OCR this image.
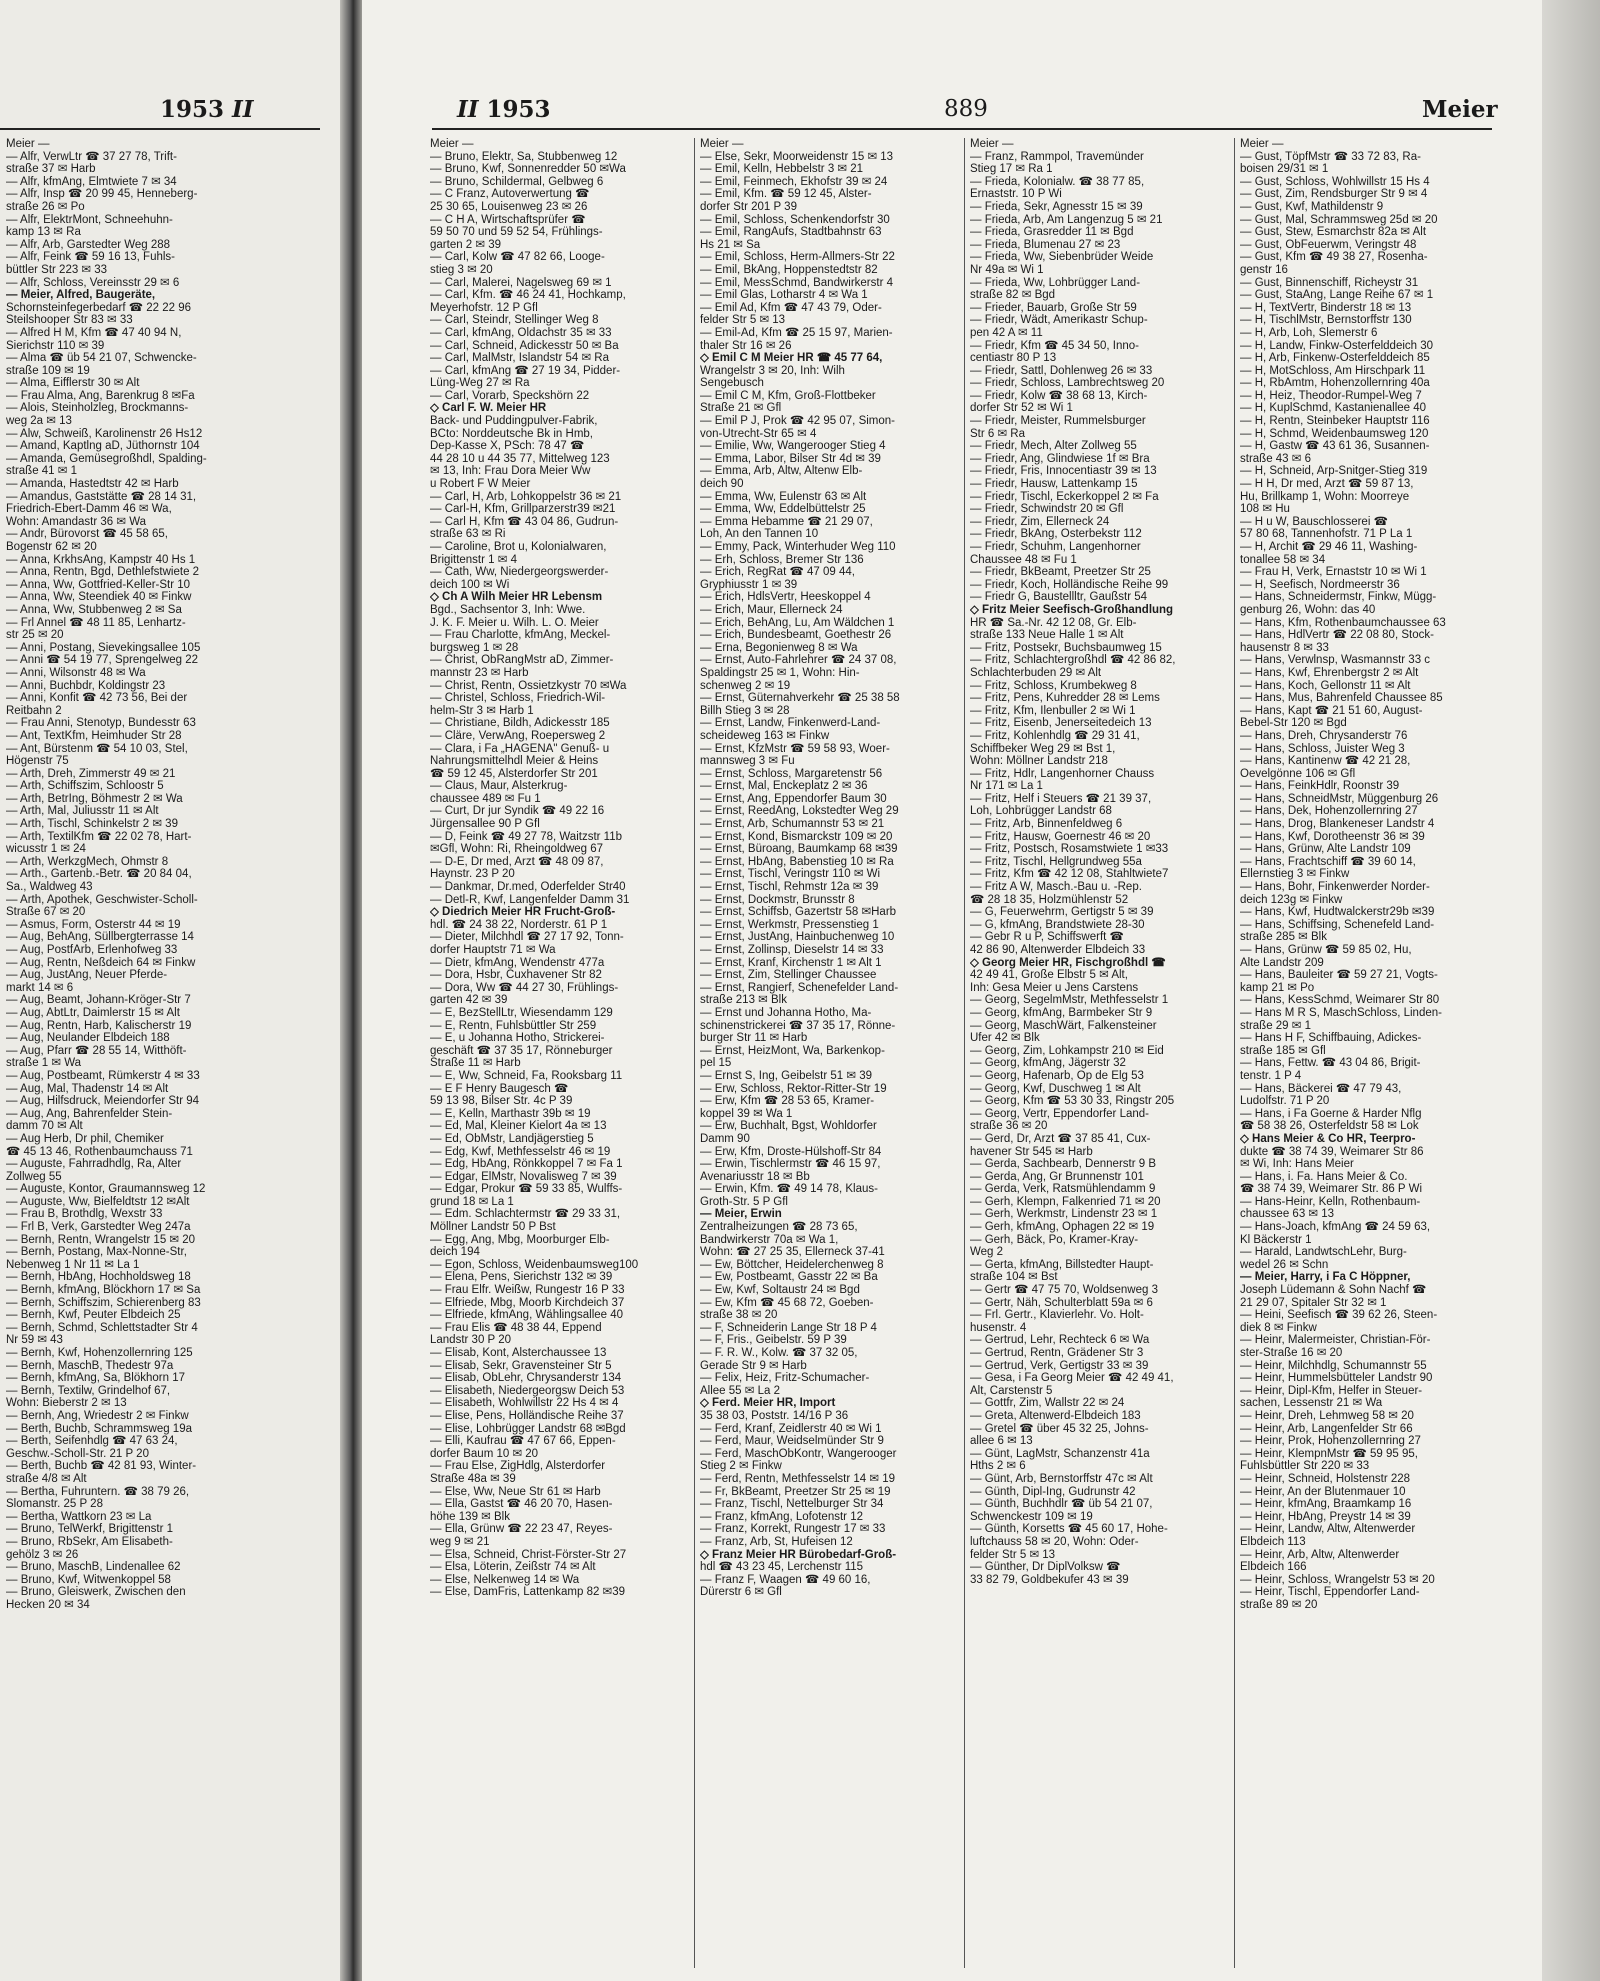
1953 II
Meier —
— Alfr, VerwLtr ☎ 37 27 78, Trift-
straße 37 ✉ Harb
— Alfr, kfmAng, Elmtwiete 7 ✉ 34
— Alfr, Insp ☎ 20 99 45, Henneberg-
straße 26 ✉ Po
— Alfr, ElektrMont, Schneehuhn-
kamp 13 ✉ Ra
— Alfr, Arb, Garstedter Weg 288
— Alfr, Feink ☎ 59 16 13, Fuhls-
büttler Str 223 ✉ 33
— Alfr, Schloss, Vereinsstr 29 ✉ 6
— Meier, Alfred, Baugeräte,
Schornsteinfegerbedarf ☎ 22 22 96
Steilshooper Str 83 ✉ 33
— Alfred H M, Kfm ☎ 47 40 94 N,
Sierichstr 110 ✉ 39
— Alma ☎ üb 54 21 07, Schwencke-
straße 109 ✉ 19
— Alma, Eifflerstr 30 ✉ Alt
— Frau Alma, Ang, Barenkrug 8 ✉Fa
— Alois, Steinholzleg, Brockmanns-
weg 2a ✉ 13
— Alw, Schweiß, Karolinenstr 26 Hs12
— Amand, Kaptlng aD, Jüthornstr 104
— Amanda, Gemüsegroßhdl, Spalding-
straße 41 ✉ 1
— Amanda, Hastedtstr 42 ✉ Harb
— Amandus, Gaststätte ☎ 28 14 31,
Friedrich-Ebert-Damm 46 ✉ Wa,
Wohn: Amandastr 36 ✉ Wa
— Andr, Bürovorst ☎ 45 58 65,
Bogenstr 62 ✉ 20
— Anna, KrkhsAng, Kampstr 40 Hs 1
— Anna, Rentn, Bgd, Dethlefstwiete 2
— Anna, Ww, Gottfried-Keller-Str 10
— Anna, Ww, Steendiek 40 ✉ Finkw
— Anna, Ww, Stubbenweg 2 ✉ Sa
— Frl Annel ☎ 48 11 85, Lenhartz-
str 25 ✉ 20
— Anni, Postang, Sievekingsallee 105
— Anni ☎ 54 19 77, Sprengelweg 22
— Anni, Wilsonstr 48 ✉ Wa
— Anni, Buchbdr, Koldingstr 23
— Anni, Konfit ☎ 42 73 56, Bei der
Reitbahn 2
— Frau Anni, Stenotyp, Bundesstr 63
— Ant, TextKfm, Heimhuder Str 28
— Ant, Bürstenm ☎ 54 10 03, Stel,
Högenstr 75
— Arth, Dreh, Zimmerstr 49 ✉ 21
— Arth, Schiffszim, Schloostr 5
— Arth, BetrIng, Böhmestr 2 ✉ Wa
— Arth, Mal, Juliusstr 11 ✉ Alt
— Arth, Tischl, Schinkelstr 2 ✉ 39
— Arth, TextilKfm ☎ 22 02 78, Hart-
wicusstr 1 ✉ 24
— Arth, WerkzgMech, Ohmstr 8
— Arth., Gartenb.-Betr. ☎ 20 84 04,
Sa., Waldweg 43
— Arth, Apothek, Geschwister-Scholl-
Straße 67 ✉ 20
— Asmus, Form, Osterstr 44 ✉ 19
— Aug, BehAng, Süllbergterrasse 14
— Aug, PostfArb, Erlenhofweg 33
— Aug, Rentn, Neßdeich 64 ✉ Finkw
— Aug, JustAng, Neuer Pferde-
markt 14 ✉ 6
— Aug, Beamt, Johann-Kröger-Str 7
— Aug, AbtLtr, Daimlerstr 15 ✉ Alt
— Aug, Rentn, Harb, Kalischerstr 19
— Aug, Neulander Elbdeich 188
— Aug, Pfarr ☎ 28 55 14, Witthöft-
straße 1 ✉ Wa
— Aug, Postbeamt, Rümkerstr 4 ✉ 33
— Aug, Mal, Thadenstr 14 ✉ Alt
— Aug, Hilfsdruck, Meiendorfer Str 94
— Aug, Ang, Bahrenfelder Stein-
damm 70 ✉ Alt
— Aug Herb, Dr phil, Chemiker
☎ 45 13 46, Rothenbaumchauss 71
— Auguste, Fahrradhdlg, Ra, Alter
Zollweg 55
— Auguste, Kontor, Graumannsweg 12
— Auguste, Ww, Bielfeldtstr 12 ✉Alt
— Frau B, Brothdlg, Wexstr 33
— Frl B, Verk, Garstedter Weg 247a
— Bernh, Rentn, Wrangelstr 15 ✉ 20
— Bernh, Postang, Max-Nonne-Str,
Nebenweg 1 Nr 11 ✉ La 1
— Bernh, HbAng, Hochholdsweg 18
— Bernh, kfmAng, Blöckhorn 17 ✉ Sa
— Bernh, Schiffszim, Schierenberg 83
— Bernh, Kwf, Peuter Elbdeich 25
— Bernh, Schmd, Schlettstadter Str 4
Nr 59 ✉ 43
— Bernh, Kwf, Hohenzollernring 125
— Bernh, MaschB, Thedestr 97a
— Bernh, kfmAng, Sa, Blökhorn 17
— Bernh, Textilw, Grindelhof 67,
Wohn: Bieberstr 2 ✉ 13
— Bernh, Ang, Wriedestr 2 ✉ Finkw
— Berth, Buchb, Schrammsweg 19a
— Berth, Seifenhdlg ☎ 47 63 24,
Geschw.-Scholl-Str. 21 P 20
— Berth, Buchb ☎ 42 81 93, Winter-
straße 4/8 ✉ Alt
— Bertha, Fuhruntern. ☎ 38 79 26,
Slomanstr. 25 P 28
— Bertha, Wattkorn 23 ✉ La
— Bruno, TelWerkf, Brigittenstr 1
— Bruno, RbSekr, Am Elisabeth-
gehölz 3 ✉ 26
— Bruno, MaschB, Lindenallee 62
— Bruno, Kwf, Witwenkoppel 58
— Bruno, Gleiswerk, Zwischen den
Hecken 20 ✉ 34
II 1953	889	Meier
Meier —
— Bruno, Elektr, Sa, Stubbenweg 12
— Bruno, Kwf, Sonnenredder 50 ✉Wa
— Bruno, Schildermal, Gelbweg 6
— C Franz, Autoverwertung ☎
25 30 65, Louisenweg 23 ✉ 26
— C H A, Wirtschaftsprüfer ☎
59 50 70 und 59 52 54, Frühlings-
garten 2 ✉ 39
— Carl, Kolw ☎ 47 82 66, Looge-
stieg 3 ✉ 20
— Carl, Malerei, Nagelsweg 69 ✉ 1
— Carl, Kfm. ☎ 46 24 41, Hochkamp,
Meyerhofstr. 12 P Gfl
— Carl, Steindr, Stellinger Weg 8
— Carl, kfmAng, Oldachstr 35 ✉ 33
— Carl, Schneid, Adickesstr 50 ✉ Ba
— Carl, MalMstr, Islandstr 54 ✉ Ra
— Carl, kfmAng ☎ 27 19 34, Pidder-
Lüng-Weg 27 ✉ Ra
— Carl, Vorarb, Speckshörn 22
◇ Carl F. W. Meier HR
Back- und Puddingpulver-Fabrik,
BCto: Norddeutsche Bk in Hmb,
Dep-Kasse X, PSch: 78 47 ☎
44 28 10 u 44 35 77, Mittelweg 123
✉ 13, Inh: Frau Dora Meier Ww
u Robert F W Meier
— Carl, H, Arb, Lohkoppelstr 36 ✉ 21
— Carl-H, Kfm, Grillparzerstr39 ✉21
— Carl H, Kfm ☎ 43 04 86, Gudrun-
straße 63 ✉ Ri
— Caroline, Brot u, Kolonialwaren,
Brigittenstr 1 ✉ 4
— Cath, Ww, Niedergeorgswerder-
deich 100 ✉ Wi
◇ Ch A Wilh Meier HR Lebensm
Bgd., Sachsentor 3, Inh: Wwe.
J. K. F. Meier u. Wilh. L. O. Meier
— Frau Charlotte, kfmAng, Meckel-
burgsweg 1 ✉ 28
— Christ, ObRangMstr aD, Zimmer-
mannstr 23 ✉ Harb
— Christ, Rentn, Ossietzkystr 70 ✉Wa
— Christel, Schloss, Friedrich-Wil-
helm-Str 3 ✉ Harb 1
— Christiane, Bildh, Adickesstr 185
— Cläre, VerwAng, Roepersweg 2
— Clara, i Fa „HAGENA" Genuß- u
Nahrungsmittelhdl Meier & Heins
☎ 59 12 45, Alsterdorfer Str 201
— Claus, Maur, Alsterkrug-
chaussee 489 ✉ Fu 1
— Curt, Dr jur Syndik ☎ 49 22 16
Jürgensallee 90 P Gfl
— D, Feink ☎ 49 27 78, Waitzstr 11b
✉Gfl, Wohn: Ri, Rheingoldweg 67
— D-E, Dr med, Arzt ☎ 48 09 87,
Haynstr. 23 P 20
— Dankmar, Dr.med, Oderfelder Str40
— Detl-R, Kwf, Langenfelder Damm 31
◇ Diedrich Meier HR Frucht-Groß-
hdl. ☎ 24 38 22, Norderstr. 61 P 1
— Dieter, Milchhdl ☎ 27 17 92, Tonn-
dorfer Hauptstr 71 ✉ Wa
— Dietr, kfmAng, Wendenstr 477a
— Dora, Hsbr, Cuxhavener Str 82
— Dora, Ww ☎ 44 27 30, Frühlings-
garten 42 ✉ 39
— E, BezStellLtr, Wiesendamm 129
— E, Rentn, Fuhlsbüttler Str 259
— E, u Johanna Hotho, Strickerei-
geschäft ☎ 37 35 17, Rönneburger
Straße 11 ✉ Harb
— E, Ww, Schneid, Fa, Rooksbarg 11
— E F Henry Baugesch ☎
59 13 98, Bilser Str. 4c P 39
— E, Kelln, Marthastr 39b ✉ 19
— Ed, Mal, Kleiner Kielort 4a ✉ 13
— Ed, ObMstr, Landjägerstieg 5
— Edg, Kwf, Methfesselstr 46 ✉ 19
— Edg, HbAng, Rönkkoppel 7 ✉ Fa 1
— Edgar, ElMstr, Novalisweg 7 ✉ 39
— Edgar, Prokur ☎ 59 33 85, Wulffs-
grund 18 ✉ La 1
— Edm. Schlachtermstr ☎ 29 33 31,
Möllner Landstr 50 P Bst
— Egg, Ang, Mbg, Moorburger Elb-
deich 194
— Egon, Schloss, Weidenbaumsweg100
— Elena, Pens, Sierichstr 132 ✉ 39
— Frau Elfr. Weißw, Rungestr 16 P 33
— Elfriede, Mbg, Moorb Kirchdeich 37
— Elfriede, kfmAng, Wählingsallee 40
— Frau Elis ☎ 48 38 44, Eppend
Landstr 30 P 20
— Elisab, Kont, Alsterchaussee 13
— Elisab, Sekr, Gravensteiner Str 5
— Elisab, ObLehr, Chrysanderstr 134
— Elisabeth, Niedergeorgsw Deich 53
— Elisabeth, Wohlwillstr 22 Hs 4 ✉ 4
— Elise, Pens, Holländische Reihe 37
— Elise, Lohbrügger Landstr 68 ✉Bgd
— Elli, Kaufrau ☎ 47 67 66, Eppen-
dorfer Baum 10 ✉ 20
— Frau Else, ZigHdlg, Alsterdorfer
Straße 48a ✉ 39
— Else, Ww, Neue Str 61 ✉ Harb
— Ella, Gastst ☎ 46 20 70, Hasen-
höhe 139 ✉ Blk
— Ella, Grünw ☎ 22 23 47, Reyes-
weg 9 ✉ 21
— Elsa, Schneid, Christ-Förster-Str 27
— Elsa, Löterin, Zeißstr 74 ✉ Alt
— Else, Nelkenweg 14 ✉ Wa
— Else, DamFris, Lattenkamp 82 ✉39
Meier —
— Else, Sekr, Moorweidenstr 15 ✉ 13
— Emil, Kelln, Hebbelstr 3 ✉ 21
— Emil, Feinmech, Ekhofstr 39 ✉ 24
— Emil, Kfm. ☎ 59 12 45, Alster-
dorfer Str 201 P 39
— Emil, Schloss, Schenkendorfstr 30
— Emil, RangAufs, Stadtbahnstr 63
Hs 21 ✉ Sa
— Emil, Schloss, Herm-Allmers-Str 22
— Emil, BkAng, Hoppenstedtstr 82
— Emil, MessSchmd, Bandwirkerstr 4
— Emil Glas, Lotharstr 4 ✉ Wa 1
— Emil Ad, Kfm ☎ 47 43 79, Oder-
felder Str 5 ✉ 13
— Emil-Ad, Kfm ☎ 25 15 97, Marien-
thaler Str 16 ✉ 26
◇ Emil C M Meier HR ☎ 45 77 64,
Wrangelstr 3 ✉ 20, Inh: Wilh
Sengebusch
— Emil C M, Kfm, Groß-Flottbeker
Straße 21 ✉ Gfl
— Emil P J, Prok ☎ 42 95 07, Simon-
von-Utrecht-Str 65 ✉ 4
— Emilie, Ww, Wangerooger Stieg 4
— Emma, Labor, Bilser Str 4d ✉ 39
— Emma, Arb, Altw, Altenw Elb-
deich 90
— Emma, Ww, Eulenstr 63 ✉ Alt
— Emma, Ww, Eddelbüttelstr 25
— Emma Hebamme ☎ 21 29 07,
Loh, An den Tannen 10
— Emmy, Pack, Winterhuder Weg 110
— Erh, Schloss, Bremer Str 136
— Erich, RegRat ☎ 47 09 44,
Gryphiusstr 1 ✉ 39
— Erich, HdlsVertr, Heeskoppel 4
— Erich, Maur, Ellerneck 24
— Erich, BehAng, Lu, Am Wäldchen 1
— Erich, Bundesbeamt, Goethestr 26
— Erna, Begonienweg 8 ✉ Wa
— Ernst, Auto-Fahrlehrer ☎ 24 37 08,
Spaldingstr 25 ✉ 1, Wohn: Hin-
schenweg 2 ✉ 19
— Ernst, Güternahverkehr ☎ 25 38 58
Billh Stieg 3 ✉ 28
— Ernst, Landw, Finkenwerd-Land-
scheideweg 163 ✉ Finkw
— Ernst, KfzMstr ☎ 59 58 93, Woer-
mannsweg 3 ✉ Fu
— Ernst, Schloss, Margaretenstr 56
— Ernst, Mal, Enckeplatz 2 ✉ 36
— Ernst, Ang, Eppendorfer Baum 30
— Ernst, ReedAng, Lokstedter Weg 29
— Ernst, Arb, Schumannstr 53 ✉ 21
— Ernst, Kond, Bismarckstr 109 ✉ 20
— Ernst, Büroang, Baumkamp 68 ✉39
— Ernst, HbAng, Babenstieg 10 ✉ Ra
— Ernst, Tischl, Veringstr 110 ✉ Wi
— Ernst, Tischl, Rehmstr 12a ✉ 39
— Ernst, Dockmstr, Brunsstr 8
— Ernst, Schiffsb, Gazertstr 58 ✉Harb
— Ernst, Werkmstr, Pressenstieg 1
— Ernst, JustAng, Hainbuchenweg 10
— Ernst, Zollinsp, Dieselstr 14 ✉ 33
— Ernst, Kranf, Kirchenstr 1 ✉ Alt 1
— Ernst, Zim, Stellinger Chaussee
— Ernst, Rangierf, Schenefelder Land-
straße 213 ✉ Blk
— Ernst und Johanna Hotho, Ma-
schinenstrickerei ☎ 37 35 17, Rönne-
burger Str 11 ✉ Harb
— Ernst, HeizMont, Wa, Barkenkop-
pel 15
— Ernst S, Ing, Geibelstr 51 ✉ 39
— Erw, Schloss, Rektor-Ritter-Str 19
— Erw, Kfm ☎ 28 53 65, Kramer-
koppel 39 ✉ Wa 1
— Erw, Buchhalt, Bgst, Wohldorfer
Damm 90
— Erw, Kfm, Droste-Hülshoff-Str 84
— Erwin, Tischlermstr ☎ 46 15 97,
Avenariusstr 18 ✉ Bb
— Erwin, Kfm. ☎ 49 14 78, Klaus-
Groth-Str. 5 P Gfl
— Meier, Erwin
Zentralheizungen ☎ 28 73 65,
Bandwirkerstr 70a ✉ Wa 1,
Wohn: ☎ 27 25 35, Ellerneck 37-41
— Ew, Böttcher, Heidelerchenweg 8
— Ew, Postbeamt, Gasstr 22 ✉ Ba
— Ew, Kwf, Soltaustr 24 ✉ Bgd
— Ew, Kfm ☎ 45 68 72, Goeben-
straße 38 ✉ 20
— F, Schneiderin Lange Str 18 P 4
— F, Fris., Geibelstr. 59 P 39
— F. R. W., Kolw. ☎ 37 32 05,
Gerade Str 9 ✉ Harb
— Felix, Heiz, Fritz-Schumacher-
Allee 55 ✉ La 2
◇ Ferd. Meier HR, Import
35 38 03, Poststr. 14/16 P 36
— Ferd, Kranf, Zeidlerstr 40 ✉ Wi 1
— Ferd, Maur, Weidselmünder Str 9
— Ferd, MaschObKontr, Wangerooger
Stieg 2 ✉ Finkw
— Ferd, Rentn, Methfesselstr 14 ✉ 19
— Fr, BkBeamt, Preetzer Str 25 ✉ 19
— Franz, Tischl, Nettelburger Str 34
— Franz, kfmAng, Lofotenstr 12
— Franz, Korrekt, Rungestr 17 ✉ 33
— Franz, Arb, St, Hufeisen 12
◇ Franz Meier HR Bürobedarf-Groß-
hdl ☎ 43 23 45, Lerchenstr 115
— Franz F, Waagen ☎ 49 60 16,
Dürerstr 6 ✉ Gfl
Meier —
— Franz, Rammpol, Travemünder
Stieg 17 ✉ Ra 1
— Frieda, Kolonialw. ☎ 38 77 85,
Ernaststr. 10 P Wi
— Frieda, Sekr, Agnesstr 15 ✉ 39
— Frieda, Arb, Am Langenzug 5 ✉ 21
— Frieda, Grasredder 11 ✉ Bgd
— Frieda, Blumenau 27 ✉ 23
— Frieda, Ww, Siebenbrüder Weide
Nr 49a ✉ Wi 1
— Frieda, Ww, Lohbrügger Land-
straße 82 ✉ Bgd
— Frieder, Bauarb, Große Str 59
— Friedr, Wädt, Amerikastr Schup-
pen 42 A ✉ 11
— Friedr, Kfm ☎ 45 34 50, Inno-
centiastr 80 P 13
— Friedr, Sattl, Dohlenweg 26 ✉ 33
— Friedr, Schloss, Lambrechtsweg 20
— Friedr, Kolw ☎ 38 68 13, Kirch-
dorfer Str 52 ✉ Wi 1
— Friedr, Meister, Rummelsburger
Str 6 ✉ Ra
— Friedr, Mech, Alter Zollweg 55
— Friedr, Ang, Glindwiese 1f ✉ Bra
— Friedr, Fris, Innocentiastr 39 ✉ 13
— Friedr, Hausw, Lattenkamp 15
— Friedr, Tischl, Eckerkoppel 2 ✉ Fa
— Friedr, Schwindstr 20 ✉ Gfl
— Friedr, Zim, Ellerneck 24
— Friedr, BkAng, Osterbekstr 112
— Friedr, Schuhm, Langenhorner
Chaussee 48 ✉ Fu 1
— Friedr, BkBeamt, Preetzer Str 25
— Friedr, Koch, Holländische Reihe 99
— Friedr G, Baustellltr, Gaußstr 54
◇ Fritz Meier Seefisch-Großhandlung
HR ☎ Sa.-Nr. 42 12 08, Gr. Elb-
straße 133 Neue Halle 1 ✉ Alt
— Fritz, Postsekr, Buchsbaumweg 15
— Fritz, Schlachtergroßhdl ☎ 42 86 82,
Schlachterbuden 29 ✉ Alt
— Fritz, Schloss, Krumbekweg 8
— Fritz, Pens, Kuhredder 28 ✉ Lems
— Fritz, Kfm, Ilenbuller 2 ✉ Wi 1
— Fritz, Eisenb, Jenerseitedeich 13
— Fritz, Kohlenhdlg ☎ 29 31 41,
Schiffbeker Weg 29 ✉ Bst 1,
Wohn: Möllner Landstr 218
— Fritz, Hdlr, Langenhorner Chauss
Nr 171 ✉ La 1
— Fritz, Helf i Steuers ☎ 21 39 37,
Loh, Lohbrügger Landstr 68
— Fritz, Arb, Binnenfeldweg 6
— Fritz, Hausw, Goernestr 46 ✉ 20
— Fritz, Postsch, Rosamstwiete 1 ✉33
— Fritz, Tischl, Hellgrundweg 55a
— Fritz, Kfm ☎ 42 12 08, Stahltwiete7
— Fritz A W, Masch.-Bau u. -Rep.
☎ 28 18 35, Holzmühlenstr 52
— G, Feuerwehrm, Gertigstr 5 ✉ 39
— G, kfmAng, Brandstwiete 28-30
— Gebr R u P, Schiffswerft ☎
42 86 90, Altenwerder Elbdeich 33
◇ Georg Meier HR, Fischgroßhdl ☎
42 49 41, Große Elbstr 5 ✉ Alt,
Inh: Gesa Meier u Jens Carstens
— Georg, SegelmMstr, Methfesselstr 1
— Georg, kfmAng, Barmbeker Str 9
— Georg, MaschWärt, Falkensteiner
Ufer 42 ✉ Blk
— Georg, Zim, Lohkampstr 210 ✉ Eid
— Georg, kfmAng, Jägerstr 32
— Georg, Hafenarb, Op de Elg 53
— Georg, Kwf, Duschweg 1 ✉ Alt
— Georg, Kfm ☎ 53 30 33, Ringstr 205
— Georg, Vertr, Eppendorfer Land-
straße 36 ✉ 20
— Gerd, Dr, Arzt ☎ 37 85 41, Cux-
havener Str 545 ✉ Harb
— Gerda, Sachbearb, Dennerstr 9 B
— Gerda, Ang, Gr Brunnenstr 101
— Gerda, Verk, Ratsmühlendamm 9
— Gerh, Klempn, Falkenried 71 ✉ 20
— Gerh, Werkmstr, Lindenstr 23 ✉ 1
— Gerh, kfmAng, Ophagen 22 ✉ 19
— Gerh, Bäck, Po, Kramer-Kray-
Weg 2
— Gerta, kfmAng, Billstedter Haupt-
straße 104 ✉ Bst
— Gertr ☎ 47 75 70, Woldsenweg 3
— Gertr, Näh, Schulterblatt 59a ✉ 6
— Frl. Gertr., Klavierlehr. Vo. Holt-
husenstr. 4
— Gertrud, Lehr, Rechteck 6 ✉ Wa
— Gertrud, Rentn, Grädener Str 3
— Gertrud, Verk, Gertigstr 33 ✉ 39
— Gesa, i Fa Georg Meier ☎ 42 49 41,
Alt, Carstenstr 5
— Gottfr, Zim, Wallstr 22 ✉ 24
— Greta, Altenwerd-Elbdeich 183
— Gretel ☎ über 45 32 25, Johns-
allee 6 ✉ 13
— Günt, LagMstr, Schanzenstr 41a
Hths 2 ✉ 6
— Günt, Arb, Bernstorffstr 47c ✉ Alt
— Günth, Dipl-Ing, Gudrunstr 42
— Günth, Buchhdlr ☎ üb 54 21 07,
Schwenckestr 109 ✉ 19
— Günth, Korsetts ☎ 45 60 17, Hohe-
luftchauss 58 ✉ 20, Wohn: Oder-
felder Str 5 ✉ 13
— Günther, Dr DiplVolksw ☎
33 82 79, Goldbekufer 43 ✉ 39
Meier —
— Gust, TöpfMstr ☎ 33 72 83, Ra-
boisen 29/31 ✉ 1
— Gust, Schloss, Wohlwillstr 15 Hs 4
— Gust, Zim, Rendsburger Str 9 ✉ 4
— Gust, Kwf, Mathildenstr 9
— Gust, Mal, Schrammsweg 25d ✉ 20
— Gust, Stew, Esmarchstr 82a ✉ Alt
— Gust, ObFeuerwm, Veringstr 48
— Gust, Kfm ☎ 49 38 27, Rosenha-
genstr 16
— Gust, Binnenschiff, Richeystr 31
— Gust, StaAng, Lange Reihe 67 ✉ 1
— H, TextVertr, Binderstr 18 ✉ 13
— H, TischlMstr, Bernstorffstr 130
— H, Arb, Loh, Slemerstr 6
— H, Landw, Finkw-Osterfelddeich 30
— H, Arb, Finkenw-Osterfelddeich 85
— H, MotSchloss, Am Hirschpark 11
— H, RbAmtm, Hohenzollernring 40a
— H, Heiz, Theodor-Rumpel-Weg 7
— H, KuplSchmd, Kastanienallee 40
— H, Rentn, Steinbeker Hauptstr 116
— H, Schmd, Weidenbaumsweg 120
— H, Gastw ☎ 43 61 36, Susannen-
straße 43 ✉ 6
— H, Schneid, Arp-Snitger-Stieg 319
— H H, Dr med, Arzt ☎ 59 87 13,
Hu, Brillkamp 1, Wohn: Moorreye
108 ✉ Hu
— H u W, Bauschlosserei ☎
57 80 68, Tannenhofstr. 71 P La 1
— H, Archit ☎ 29 46 11, Washing-
tonallee 58 ✉ 34
— Frau H, Verk, Ernaststr 10 ✉ Wi 1
— H, Seefisch, Nordmeerstr 36
— Hans, Schneidermstr, Finkw, Mügg-
genburg 26, Wohn: das 40
— Hans, Kfm, Rothenbaumchaussee 63
— Hans, HdlVertr ☎ 22 08 80, Stock-
hausenstr 8 ✉ 33
— Hans, Verwlnsp, Wasmannstr 33 c
— Hans, Kwf, Ehrenbergstr 2 ✉ Alt
— Hans, Koch, Gellonstr 11 ✉ Alt
— Hans, Mus, Bahrenfeld Chaussee 85
— Hans, Kapt ☎ 21 51 60, August-
Bebel-Str 120 ✉ Bgd
— Hans, Dreh, Chrysanderstr 76
— Hans, Schloss, Juister Weg 3
— Hans, Kantinenw ☎ 42 21 28,
Oevelgönne 106 ✉ Gfl
— Hans, FeinkHdlr, Roonstr 39
— Hans, SchneidMstr, Müggenburg 26
— Hans, Dek, Hohenzollernring 27
— Hans, Drog, Blankeneser Landstr 4
— Hans, Kwf, Dorotheenstr 36 ✉ 39
— Hans, Grünw, Alte Landstr 109
— Hans, Frachtschiff ☎ 39 60 14,
Ellernstieg 3 ✉ Finkw
— Hans, Bohr, Finkenwerder Norder-
deich 123g ✉ Finkw
— Hans, Kwf, Hudtwalckerstr29b ✉39
— Hans, Schiffsing, Schenefeld Land-
straße 285 ✉ Blk
— Hans, Grünw ☎ 59 85 02, Hu,
Alte Landstr 209
— Hans, Bauleiter ☎ 59 27 21, Vogts-
kamp 21 ✉ Po
— Hans, KessSchmd, Weimarer Str 80
— Hans M R S, MaschSchloss, Linden-
straße 29 ✉ 1
— Hans H F, Schiffbauing, Adickes-
straße 185 ✉ Gfl
— Hans, Fettw. ☎ 43 04 86, Brigit-
tenstr. 1 P 4
— Hans, Bäckerei ☎ 47 79 43,
Ludolfstr. 71 P 20
— Hans, i Fa Goerne & Harder Nflg
☎ 58 38 26, Osterfeldstr 58 ✉ Lok
◇ Hans Meier & Co HR, Teerpro-
dukte ☎ 38 74 39, Weimarer Str 86
✉ Wi, Inh: Hans Meier
— Hans, i. Fa. Hans Meier & Co.
☎ 38 74 39, Weimarer Str. 86 P Wi
— Hans-Heinr, Kelln, Rothenbaum-
chaussee 63 ✉ 13
— Hans-Joach, kfmAng ☎ 24 59 63,
Kl Bäckerstr 1
— Harald, LandwtschLehr, Burg-
wedel 26 ✉ Schn
— Meier, Harry, i Fa C Höppner,
Joseph Lüdemann & Sohn Nachf ☎
21 29 07, Spitaler Str 32 ✉ 1
— Heini, Seefisch ☎ 39 62 26, Steen-
diek 8 ✉ Finkw
— Heinr, Malermeister, Christian-För-
ster-Straße 16 ✉ 20
— Heinr, Milchhdlg, Schumannstr 55
— Heinr, Hummelsbütteler Landstr 90
— Heinr, Dipl-Kfm, Helfer in Steuer-
sachen, Lessenstr 21 ✉ Wa
— Heinr, Dreh, Lehmweg 58 ✉ 20
— Heinr, Arb, Langenfelder Str 66
— Heinr, Prok, Hohenzollernring 27
— Heinr, KlempnMstr ☎ 59 95 95,
Fuhlsbüttler Str 220 ✉ 33
— Heinr, Schneid, Holstenstr 228
— Heinr, An der Blutenmauer 10
— Heinr, kfmAng, Braamkamp 16
— Heinr, HbAng, Preystr 14 ✉ 39
— Heinr, Landw, Altw, Altenwerder
Elbdeich 113
— Heinr, Arb, Altw, Altenwerder
Elbdeich 166
— Heinr, Schloss, Wrangelstr 53 ✉ 20
— Heinr, Tischl, Eppendorfer Land-
straße 89 ✉ 20
